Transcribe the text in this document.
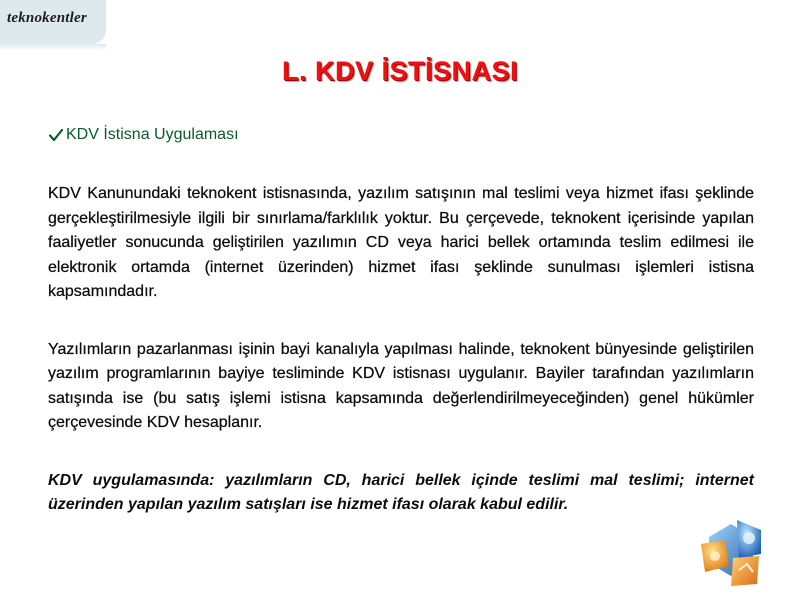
teknokentler
L. KDV İSTİSNASI
KDV İstisna Uygulaması

KDV Kanunundaki teknokent istisnasında, yazılım satışının mal teslimi veya hizmet ifası şeklinde gerçekleştirilmesiyle ilgili bir sınırlama/farklılık yoktur. Bu çerçevede, teknokent içerisinde yapılan faaliyetler sonucunda geliştirilen yazılımın CD veya harici bellek ortamında teslim edilmesi ile elektronik ortamda (internet üzerinden) hizmet ifası şeklinde sunulması işlemleri istisna kapsamındadır.

Yazılımların pazarlanması işinin bayi kanalıyla yapılması halinde, teknokent bünyesinde geliştirilen yazılım programlarının bayiye tesliminde KDV istisnası uygulanır. Bayiler tarafından yazılımların satışında ise (bu satış işlemi istisna kapsamında değerlendirilmeyeceğinden) genel hükümler çerçevesinde KDV hesaplanır.

KDV uygulamasında: yazılımların CD, harici bellek içinde teslimi mal teslimi; internet üzerinden yapılan yazılım satışları ise hizmet ifası olarak kabul edilir.
